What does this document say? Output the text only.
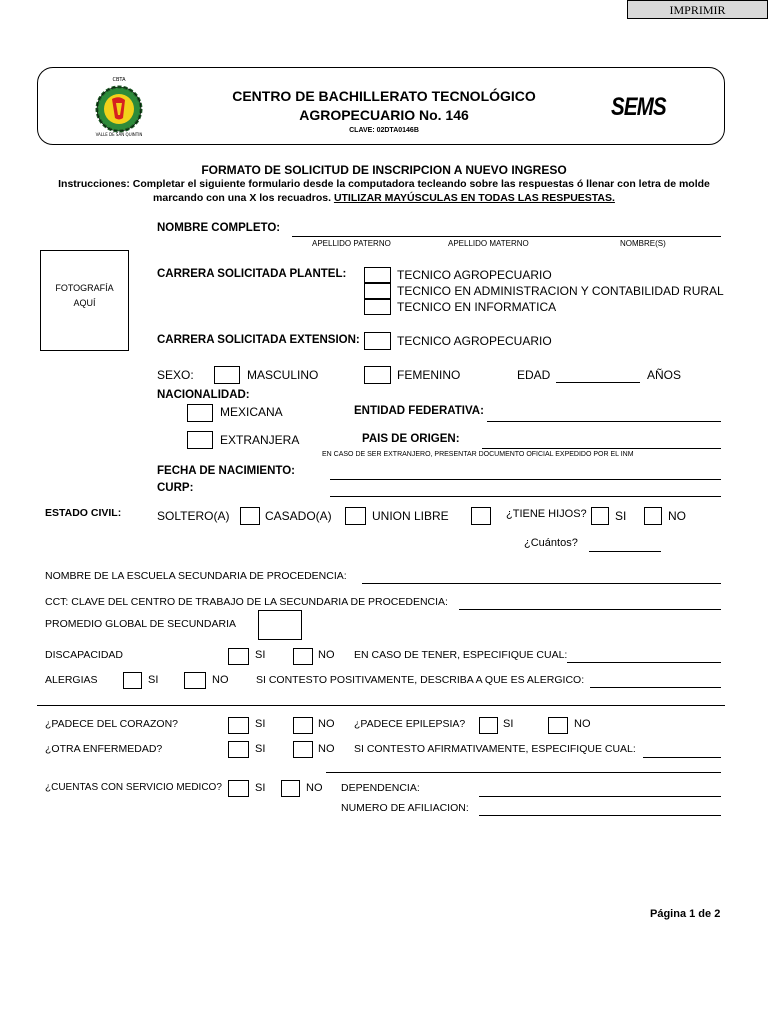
IMPRIMIR
CBTA
VALLE DE SAN QUINTIN
CENTRO DE BACHILLERATO TECNOLÓGICO
AGROPECUARIO No. 146
CLAVE: 02DTA0146B
SEMS
FORMATO DE SOLICITUD DE INSCRIPCION A NUEVO INGRESO
Instrucciones: Completar el siguiente formulario desde la computadora tecleando sobre las respuestas ó llenar con letra de molde
marcando con una X los recuadros. UTILIZAR MAYÚSCULAS EN TODAS LAS RESPUESTAS.
FOTOGRAFÍA
AQUÍ
NOMBRE COMPLETO:
APELLIDO PATERNO	APELLIDO MATERNO	NOMBRE(S)
CARRERA SOLICITADA PLANTEL:	TECNICO AGROPECUARIO
TECNICO EN ADMINISTRACION Y CONTABILIDAD RURAL
TECNICO EN INFORMATICA
CARRERA SOLICITADA EXTENSION:	TECNICO AGROPECUARIO
SEXO:	MASCULINO	FEMENINO	EDAD	AÑOS
NACIONALIDAD:
MEXICANA	ENTIDAD FEDERATIVA:
EXTRANJERA	PAIS DE ORIGEN:
EN CASO DE SER EXTRANJERO, PRESENTAR DOCUMENTO OFICIAL EXPEDIDO POR EL INM
FECHA DE NACIMIENTO:
CURP:
ESTADO CIVIL:	SOLTERO(A)	CASADO(A)	UNION LIBRE	¿TIENE HIJOS? SI	NO
¿Cuántos?
NOMBRE DE LA ESCUELA SECUNDARIA DE PROCEDENCIA:
CCT: CLAVE DEL CENTRO DE TRABAJO DE LA SECUNDARIA DE PROCEDENCIA:
PROMEDIO GLOBAL DE SECUNDARIA
DISCAPACIDAD	SI	NO EN CASO DE TENER, ESPECIFIQUE CUAL:
ALERGIAS	SI	NO	SI CONTESTO POSITIVAMENTE, DESCRIBA A QUE ES ALERGICO:
¿PADECE DEL CORAZON?	SI	NO ¿PADECE EPILEPSIA?	SI	NO
¿OTRA ENFERMEDAD?	SI	NO SI CONTESTO AFIRMATIVAMENTE, ESPECIFIQUE CUAL:
¿CUENTAS CON SERVICIO MEDICO?	SI	NO DEPENDENCIA:
NUMERO DE AFILIACION:
Página 1 de 2
